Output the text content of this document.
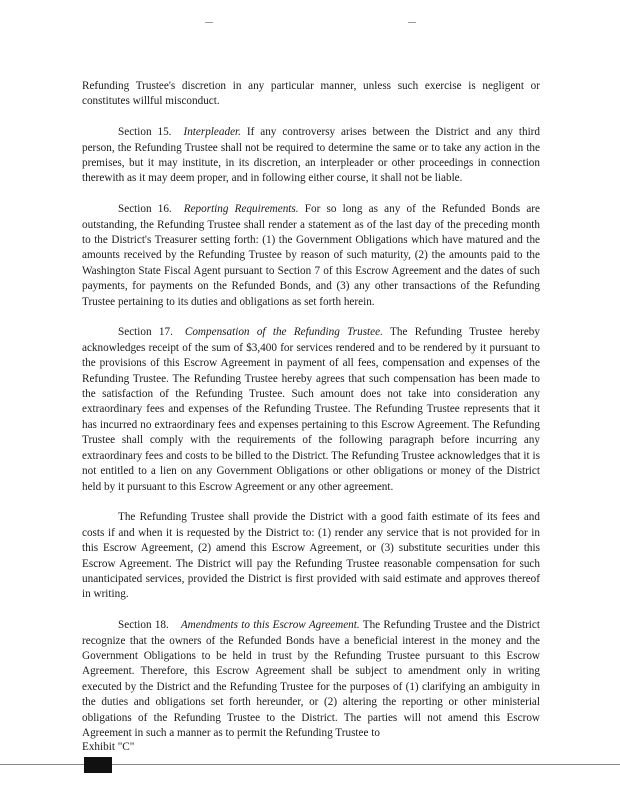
Refunding Trustee's discretion in any particular manner, unless such exercise is negligent or constitutes willful misconduct.

Section 15. Interpleader. If any controversy arises between the District and any third person, the Refunding Trustee shall not be required to determine the same or to take any action in the premises, but it may institute, in its discretion, an interpleader or other proceedings in connection therewith as it may deem proper, and in following either course, it shall not be liable.

Section 16. Reporting Requirements. For so long as any of the Refunded Bonds are outstanding, the Refunding Trustee shall render a statement as of the last day of the preceding month to the District's Treasurer setting forth: (1) the Government Obligations which have matured and the amounts received by the Refunding Trustee by reason of such maturity, (2) the amounts paid to the Washington State Fiscal Agent pursuant to Section 7 of this Escrow Agreement and the dates of such payments, for payments on the Refunded Bonds, and (3) any other transactions of the Refunding Trustee pertaining to its duties and obligations as set forth herein.

Section 17. Compensation of the Refunding Trustee. The Refunding Trustee hereby acknowledges receipt of the sum of $3,400 for services rendered and to be rendered by it pursuant to the provisions of this Escrow Agreement in payment of all fees, compensation and expenses of the Refunding Trustee. The Refunding Trustee hereby agrees that such compensation has been made to the satisfaction of the Refunding Trustee. Such amount does not take into consideration any extraordinary fees and expenses of the Refunding Trustee. The Refunding Trustee represents that it has incurred no extraordinary fees and expenses pertaining to this Escrow Agreement. The Refunding Trustee shall comply with the requirements of the following paragraph before incurring any extraordinary fees and costs to be billed to the District. The Refunding Trustee acknowledges that it is not entitled to a lien on any Government Obligations or other obligations or money of the District held by it pursuant to this Escrow Agreement or any other agreement.

The Refunding Trustee shall provide the District with a good faith estimate of its fees and costs if and when it is requested by the District to: (1) render any service that is not provided for in this Escrow Agreement, (2) amend this Escrow Agreement, or (3) substitute securities under this Escrow Agreement. The District will pay the Refunding Trustee reasonable compensation for such unanticipated services, provided the District is first provided with said estimate and approves thereof in writing.

Section 18. Amendments to this Escrow Agreement. The Refunding Trustee and the District recognize that the owners of the Refunded Bonds have a beneficial interest in the money and the Government Obligations to be held in trust by the Refunding Trustee pursuant to this Escrow Agreement. Therefore, this Escrow Agreement shall be subject to amendment only in writing executed by the District and the Refunding Trustee for the purposes of (1) clarifying an ambiguity in the duties and obligations set forth hereunder, or (2) altering the reporting or other ministerial obligations of the Refunding Trustee to the District. The parties will not amend this Escrow Agreement in such a manner as to permit the Refunding Trustee to

Exhibit "C"
